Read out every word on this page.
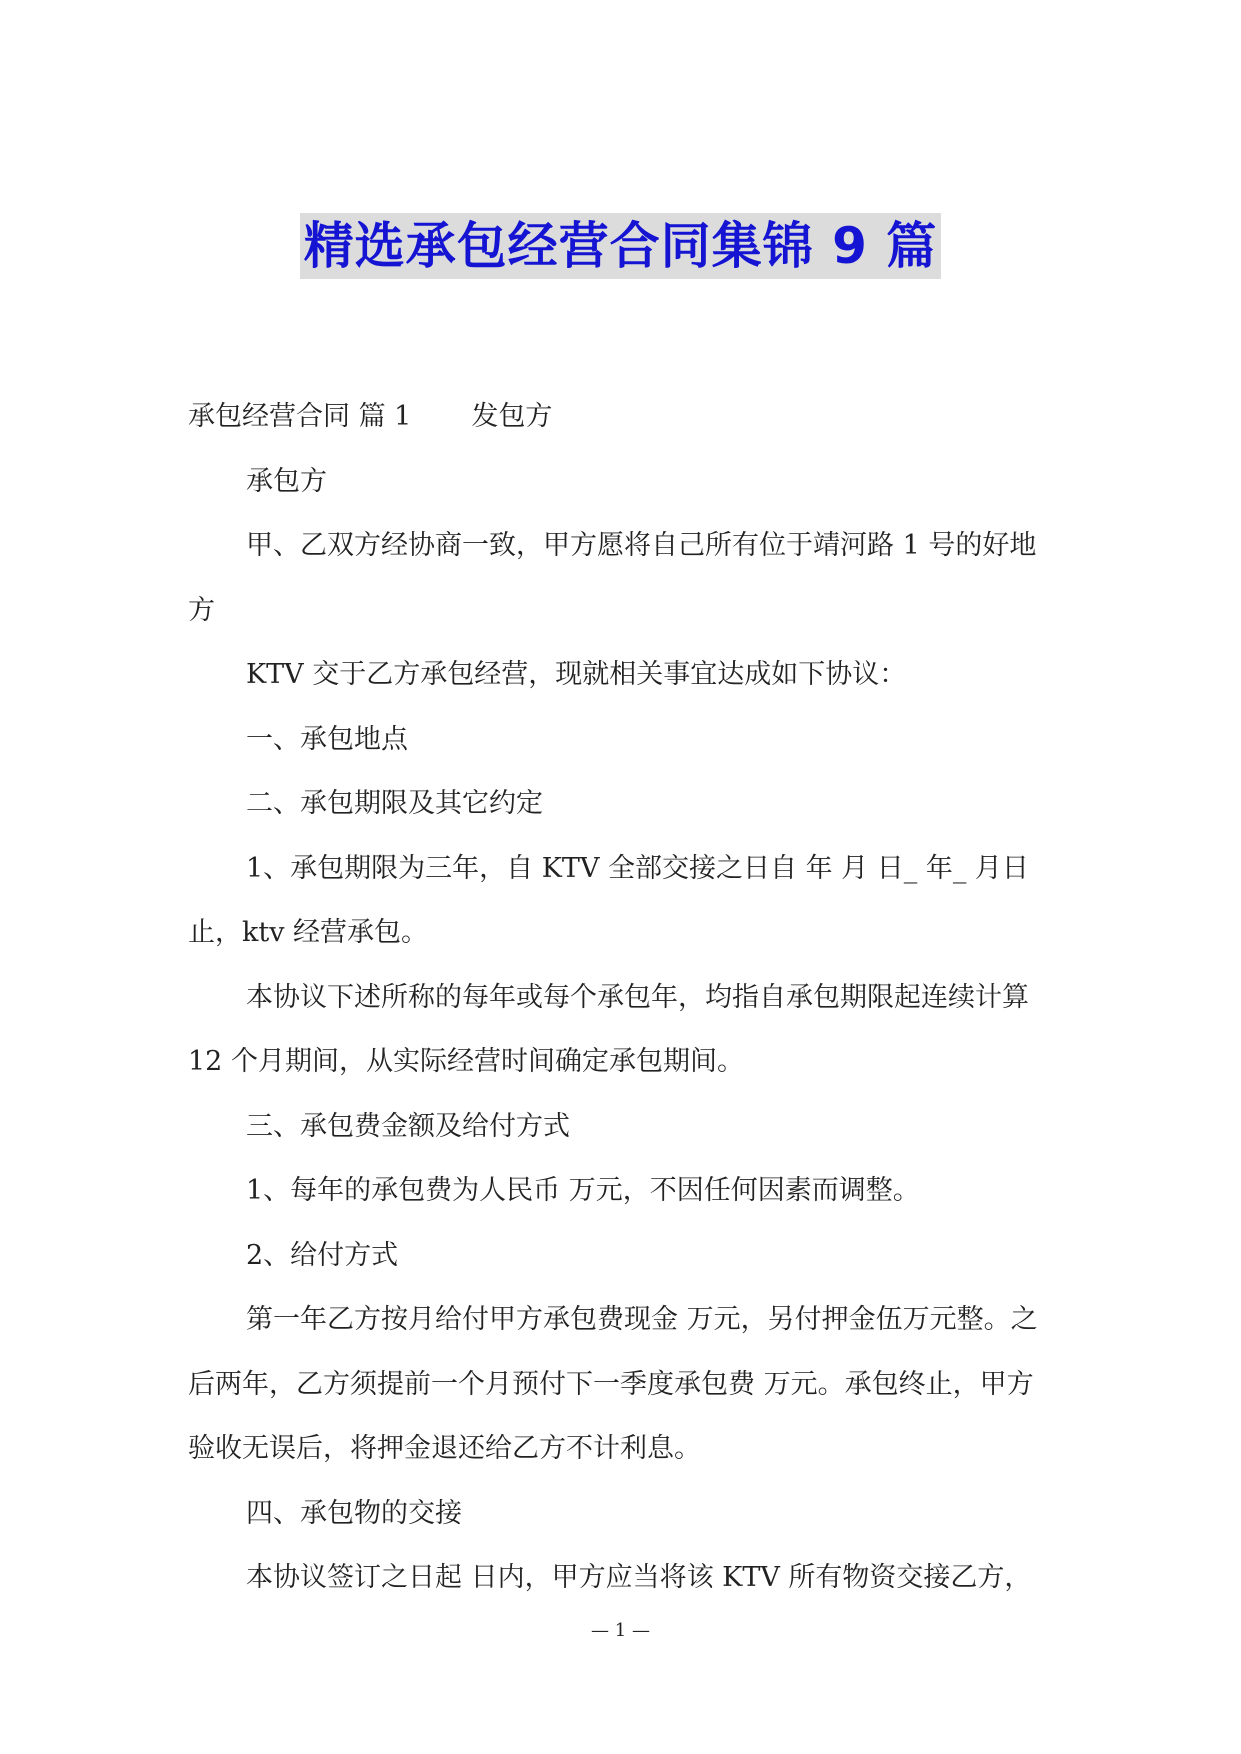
精选承包经营合同集锦 9 篇

承包经营合同 篇 1 发包方

承包方

甲、乙双方经协商一致，甲方愿将自己所有位于靖河路 1 号的好地方

KTV 交于乙方承包经营，现就相关事宜达成如下协议：

一、承包地点

二、承包期限及其它约定

1、承包期限为三年，自 KTV 全部交接之日自 年 月 日_ 年_ 月日止，ktv 经营承包。

本协议下述所称的每年或每个承包年，均指自承包期限起连续计算 12 个月期间，从实际经营时间确定承包期间。

三、承包费金额及给付方式

1、每年的承包费为人民币 万元，不因任何因素而调整。

2、给付方式

第一年乙方按月给付甲方承包费现金 万元，另付押金伍万元整。之后两年，乙方须提前一个月预付下一季度承包费 万元。承包终止，甲方验收无误后，将押金退还给乙方不计利息。

四、承包物的交接

本协议签订之日起 日内，甲方应当将该 KTV 所有物资交接乙方，

— 1 —
